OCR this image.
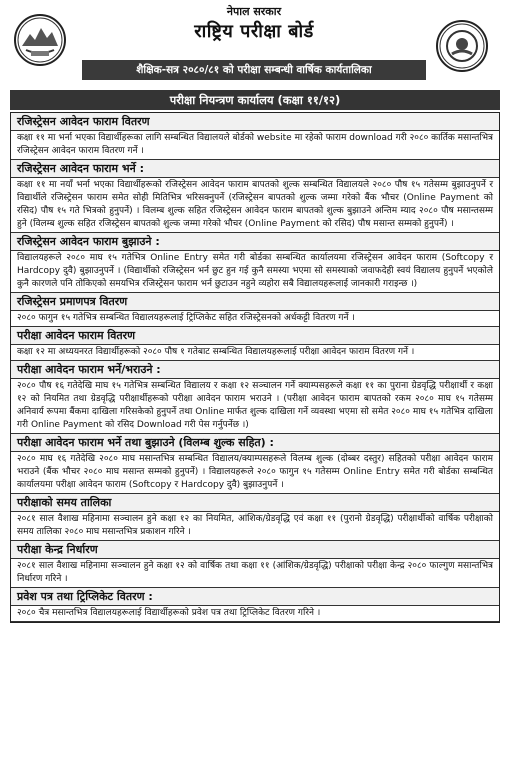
नेपाल सरकार
राष्ट्रिय परीक्षा बोर्ड
शैक्षिक-सत्र २०८०/८१ को परीक्षा सम्बन्धी वार्षिक कार्यतालिका
परीक्षा नियन्त्रण कार्यालय (कक्षा ११/१२)
रजिस्ट्रेसन आवेदन फाराम वितरण
कक्षा ११ मा भर्ना भएका विद्यार्थीहरूका लागि सम्बन्धित विद्यालयले बोर्डको website मा रहेको फाराम download गरी २०८० कार्तिक मसान्तभित्र रजिस्ट्रेसन आवेदन फाराम वितरण गर्ने ।
रजिस्ट्रेसन आवेदन फाराम भर्ने :
कक्षा ११ मा नयाँ भर्ना भएका विद्यार्थीहरूको रजिस्ट्रेसन आवेदन फाराम बापतको शुल्क सम्बन्धित विद्यालयले २०८० पौष १५ गतेसम्म बुझाउनुपर्ने र विद्यार्थीले रजिस्ट्रेसन फाराम समेत सोही मितिभित्र भरिसक्नुपर्ने (रजिस्ट्रेसन बापतको शुल्क जम्मा गरेको बैंक भौचर (Online Payment को रसिद) पौष १५ गते भित्रको हुनुपर्ने) । विलम्ब शुल्क सहित रजिस्ट्रेसन आवेदन फाराम बापतको शुल्क बुझाउने अन्तिम म्याद २०८० पौष मसान्तसम्म हुने (विलम्ब शुल्क सहित रजिस्ट्रेसन बापतको शुल्क जम्मा गरेको भौचर (Online Payment को रसिद) पौष मसान्त सम्मको हुनुपर्ने) ।
रजिस्ट्रेसन आवेदन फाराम बुझाउने :
विद्यालयहरूले २०८० माघ १५ गतेभित्र Online Entry समेत गरी बोर्डका सम्बन्धित कार्यालयमा रजिस्ट्रेसन आवेदन फाराम (Softcopy र Hardcopy दुवै) बुझाउनुपर्ने । (विद्यार्थीको रजिस्ट्रेसन भर्न छुट हुन गई कुनै समस्या भएमा सो समस्याको जवाफदेही स्वयं विद्यालय हुनुपर्ने भएकोले कुनै कारणले पनि तोकिएको समयभित्र रजिस्ट्रेसन फाराम भर्न छुटाउन नहुने व्यहोरा सबै विद्यालयहरूलाई जानकारी गराइन्छ ।)
रजिस्ट्रेसन प्रमाणपत्र वितरण
२०८० फागुन १५ गतेभित्र सम्बन्धित विद्यालयहरूलाई ट्रिप्लिकेट सहित रजिस्ट्रेसनको अर्धकट्टी वितरण गर्ने ।
परीक्षा आवेदन फाराम वितरण
कक्षा १२ मा अध्ययनरत विद्यार्थीहरूको २०८० पौष १ गतेबाट सम्बन्धित विद्यालयहरूलाई परीक्षा आवेदन फाराम वितरण गर्ने ।
परीक्षा आवेदन फाराम भर्ने/भराउने :
२०८० पौष १६ गतेदेखि माघ १५ गतेभित्र सम्बन्धित विद्यालय र कक्षा १२ सञ्चालन गर्ने क्याम्पसहरूले कक्षा ११ का पुराना ग्रेडवृद्धि परीक्षार्थी र कक्षा १२ को नियमित तथा ग्रेडवृद्धि परीक्षार्थीहरूको परीक्षा आवेदन फाराम भराउने । (परीक्षा आवेदन फाराम बापतको रकम २०८० माघ १५ गतेसम्म अनिवार्य रूपमा बैंकमा दाखिला गरिसकेको हुनुपर्ने तथा Online मार्फत शुल्क दाखिला गर्ने व्यवस्था भएमा सो समेत २०८० माघ १५ गतेभित्र दाखिला गरी Online Payment को रसिद Download गरी पेस गर्नुपर्नेछ ।)
परीक्षा आवेदन फाराम भर्ने तथा बुझाउने (विलम्ब शुल्क सहित) :
२०८० माघ १६ गतेदेखि २०८० माघ मसान्तभित्र सम्बन्धित विद्यालय/क्याम्पसहरूले विलम्ब शुल्क (दोब्बर दस्तुर) सहितको परीक्षा आवेदन फाराम भराउने (बैंक भौचर २०८० माघ मसान्त सम्मको हुनुपर्ने) । विद्यालयहरूले २०८० फागुन १५ गतेसम्म Online Entry समेत गरी बोर्डका सम्बन्धित कार्यालयमा परीक्षा आवेदन फाराम (Softcopy र Hardcopy दुवै) बुझाउनुपर्ने ।
परीक्षाको समय तालिका
२०८१ साल वैशाख महिनामा सञ्चालन हुने कक्षा १२ का नियमित, आंशिक/ग्रेडवृद्धि एवं कक्षा ११ (पुरानो ग्रेडवृद्धि) परीक्षार्थीको वार्षिक परीक्षाको समय तालिका २०८० माघ मसान्तभित्र प्रकाशन गरिने ।
परीक्षा केन्द्र निर्धारण
२०८१ साल वैशाख महिनामा सञ्चालन हुने कक्षा १२ को वार्षिक तथा कक्षा ११ (आंशिक/ग्रेडवृद्धि) परीक्षाको परीक्षा केन्द्र २०८० फाल्गुण मसान्तभित्र निर्धारण गरिने ।
प्रवेश पत्र तथा ट्रिप्लिकेट वितरण :
२०८० चैत्र मसान्तभित्र विद्यालयहरूलाई विद्यार्थीहरूको प्रवेश पत्र तथा ट्रिप्लिकेट वितरण गरिने ।
